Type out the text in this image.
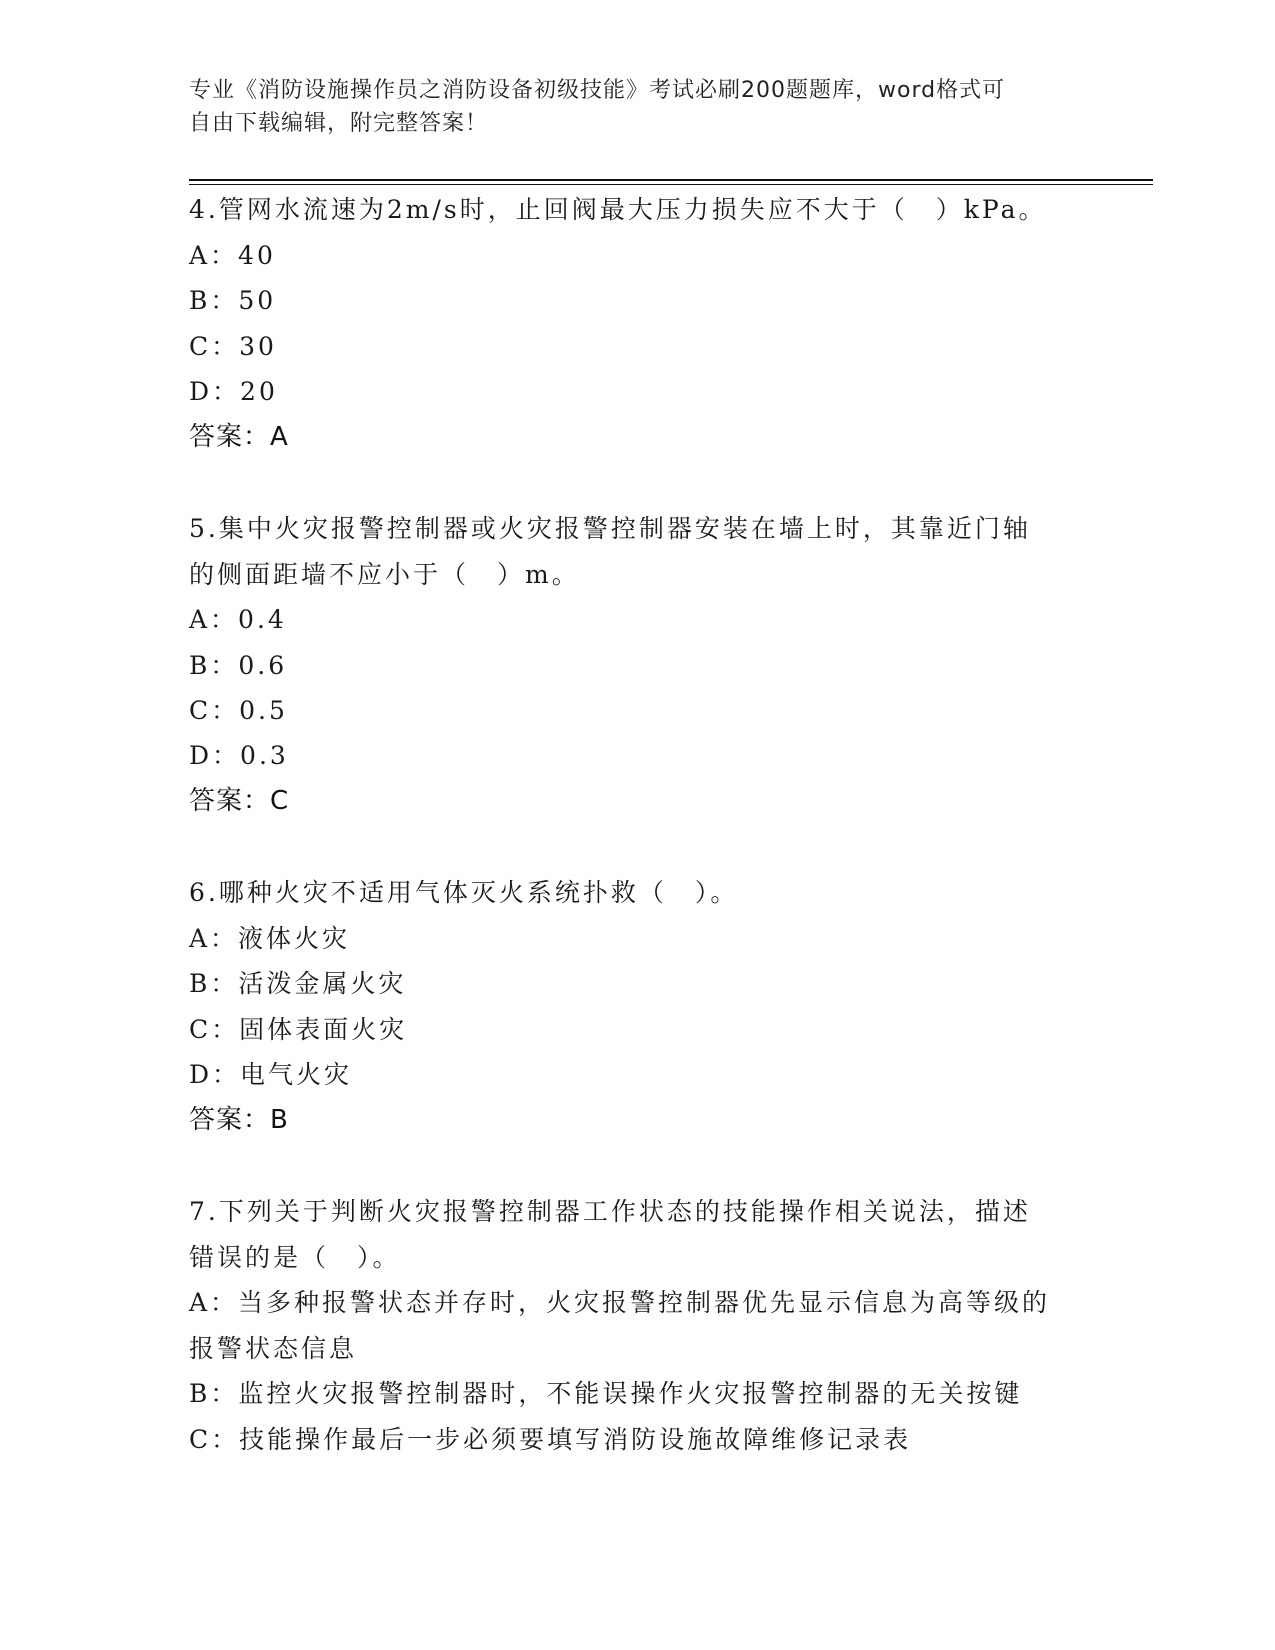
专业《消防设施操作员之消防设备初级技能》考试必刷200题题库，word格式可
自由下载编辑，附完整答案！
4.管网水流速为2m/s时，止回阀最大压力损失应不大于（　）kPa。
A：40
B：50
C：30
D：20
答案：A
5.集中火灾报警控制器或火灾报警控制器安装在墙上时，其靠近门轴
的侧面距墙不应小于（　）m。
A：0.4
B：0.6
C：0.5
D：0.3
答案：C
6.哪种火灾不适用气体灭火系统扑救（　）。
A：液体火灾
B：活泼金属火灾
C：固体表面火灾
D：电气火灾
答案：B
7.下列关于判断火灾报警控制器工作状态的技能操作相关说法，描述
错误的是（　）。
A：当多种报警状态并存时，火灾报警控制器优先显示信息为高等级的
报警状态信息
B：监控火灾报警控制器时，不能误操作火灾报警控制器的无关按键
C：技能操作最后一步必须要填写消防设施故障维修记录表
